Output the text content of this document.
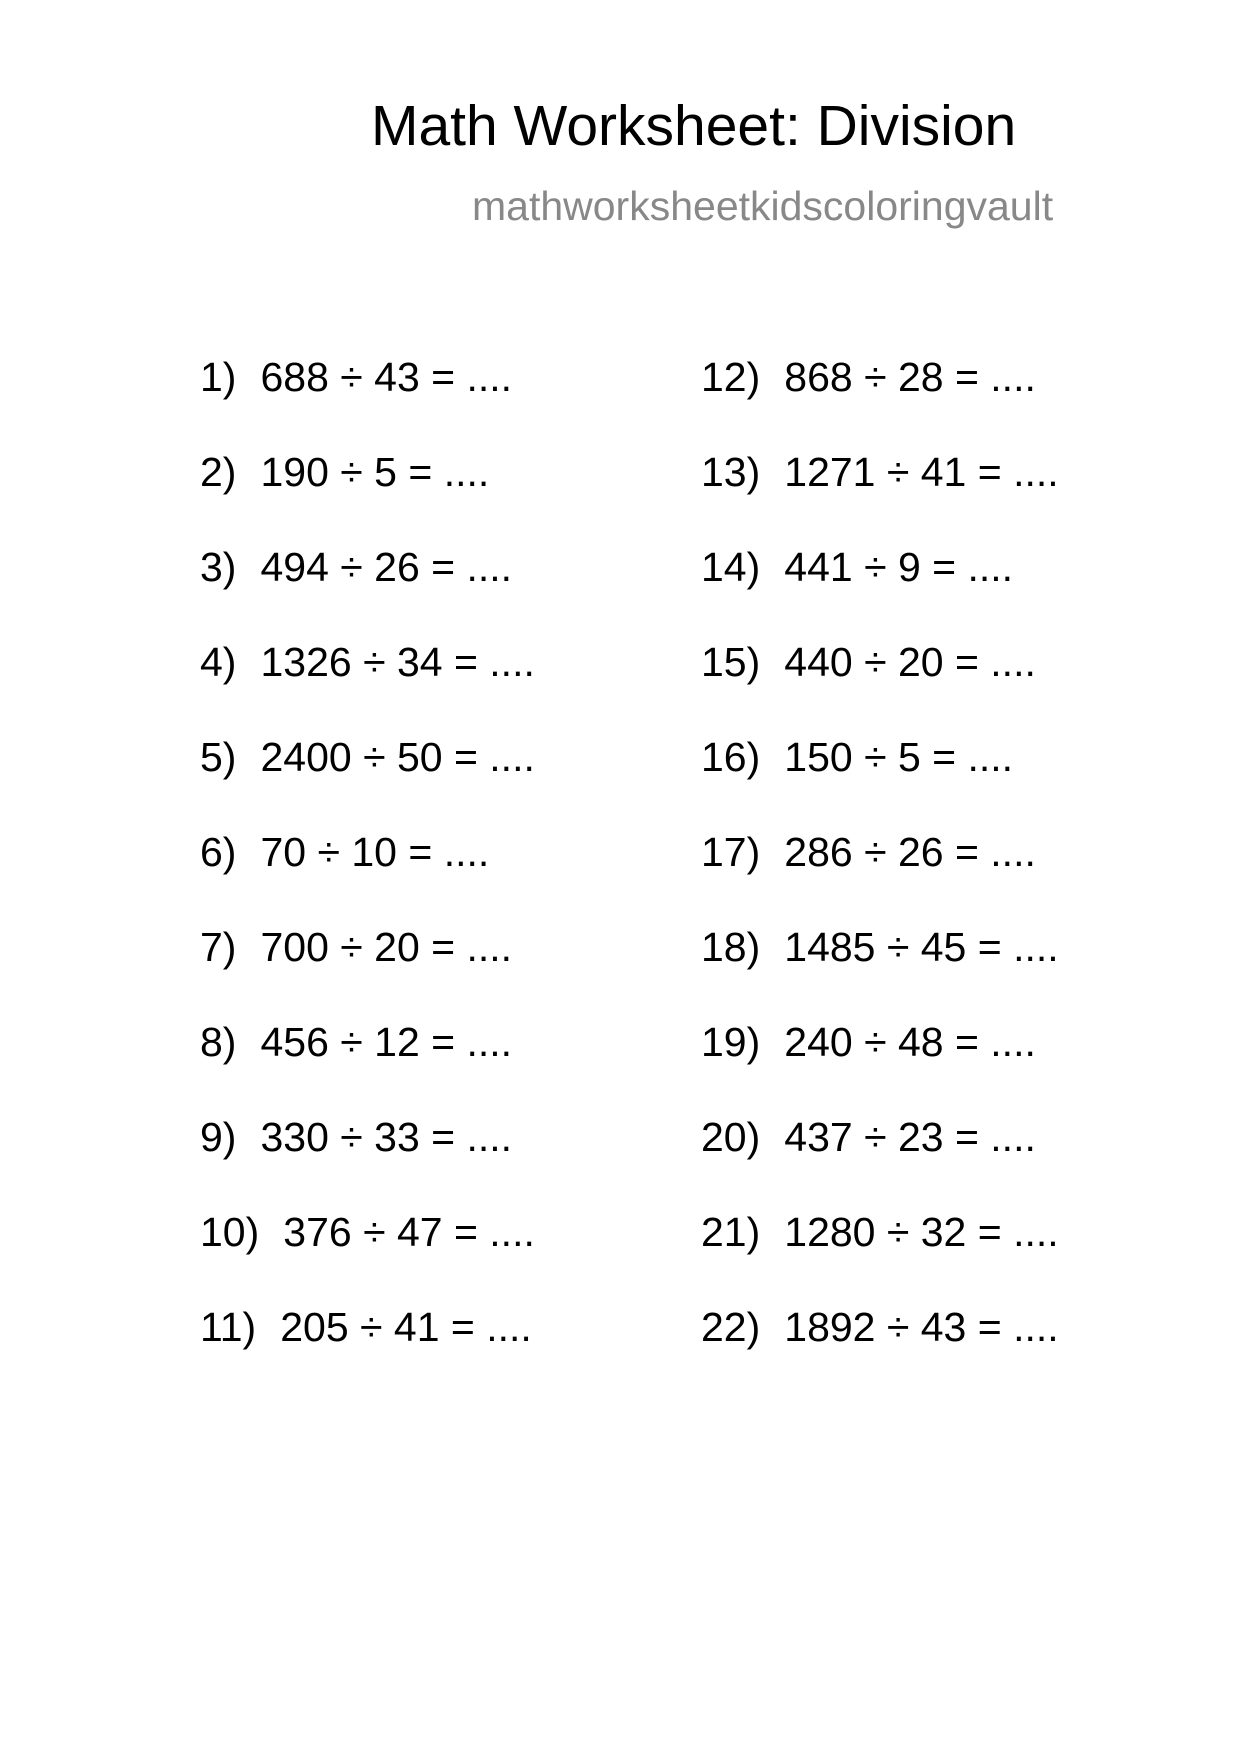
Math Worksheet: Division
mathworksheetkidscoloringvault
1) 688 ÷ 43 = ....
2) 190 ÷ 5 = ....
3) 494 ÷ 26 = ....
4) 1326 ÷ 34 = ....
5) 2400 ÷ 50 = ....
6) 70 ÷ 10 = ....
7) 700 ÷ 20 = ....
8) 456 ÷ 12 = ....
9) 330 ÷ 33 = ....
10) 376 ÷ 47 = ....
11) 205 ÷ 41 = ....
12) 868 ÷ 28 = ....
13) 1271 ÷ 41 = ....
14) 441 ÷ 9 = ....
15) 440 ÷ 20 = ....
16) 150 ÷ 5 = ....
17) 286 ÷ 26 = ....
18) 1485 ÷ 45 = ....
19) 240 ÷ 48 = ....
20) 437 ÷ 23 = ....
21) 1280 ÷ 32 = ....
22) 1892 ÷ 43 = ....
